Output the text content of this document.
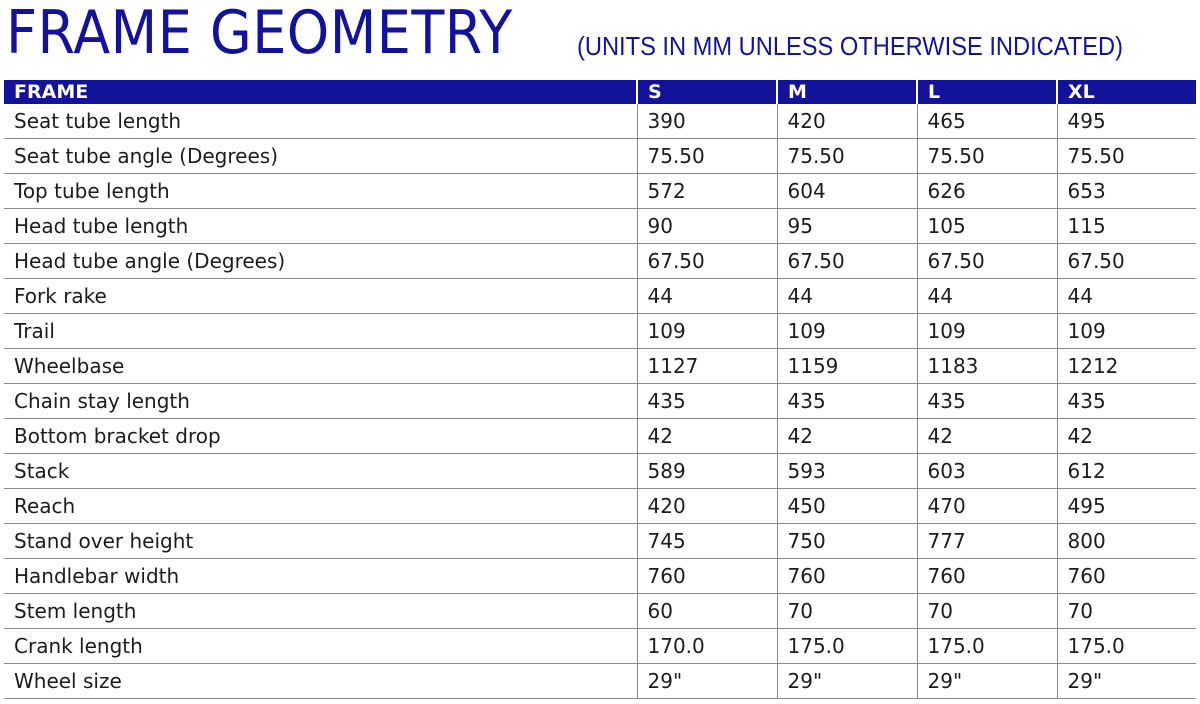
FRAME GEOMETRY (UNITS IN MM UNLESS OTHERWISE INDICATED)
FRAME	S	M	L	XL
Seat tube length	390	420	465	495
Seat tube angle (Degrees)	75.50	75.50	75.50	75.50
Top tube length	572	604	626	653
Head tube length	90	95	105	115
Head tube angle (Degrees)	67.50	67.50	67.50	67.50
Fork rake	44	44	44	44
Trail	109	109	109	109
Wheelbase	1127	1159	1183	1212
Chain stay length	435	435	435	435
Bottom bracket drop	42	42	42	42
Stack	589	593	603	612
Reach	420	450	470	495
Stand over height	745	750	777	800
Handlebar width	760	760	760	760
Stem length	60	70	70	70
Crank length	170.0	175.0	175.0	175.0
Wheel size	29"	29"	29"	29"
